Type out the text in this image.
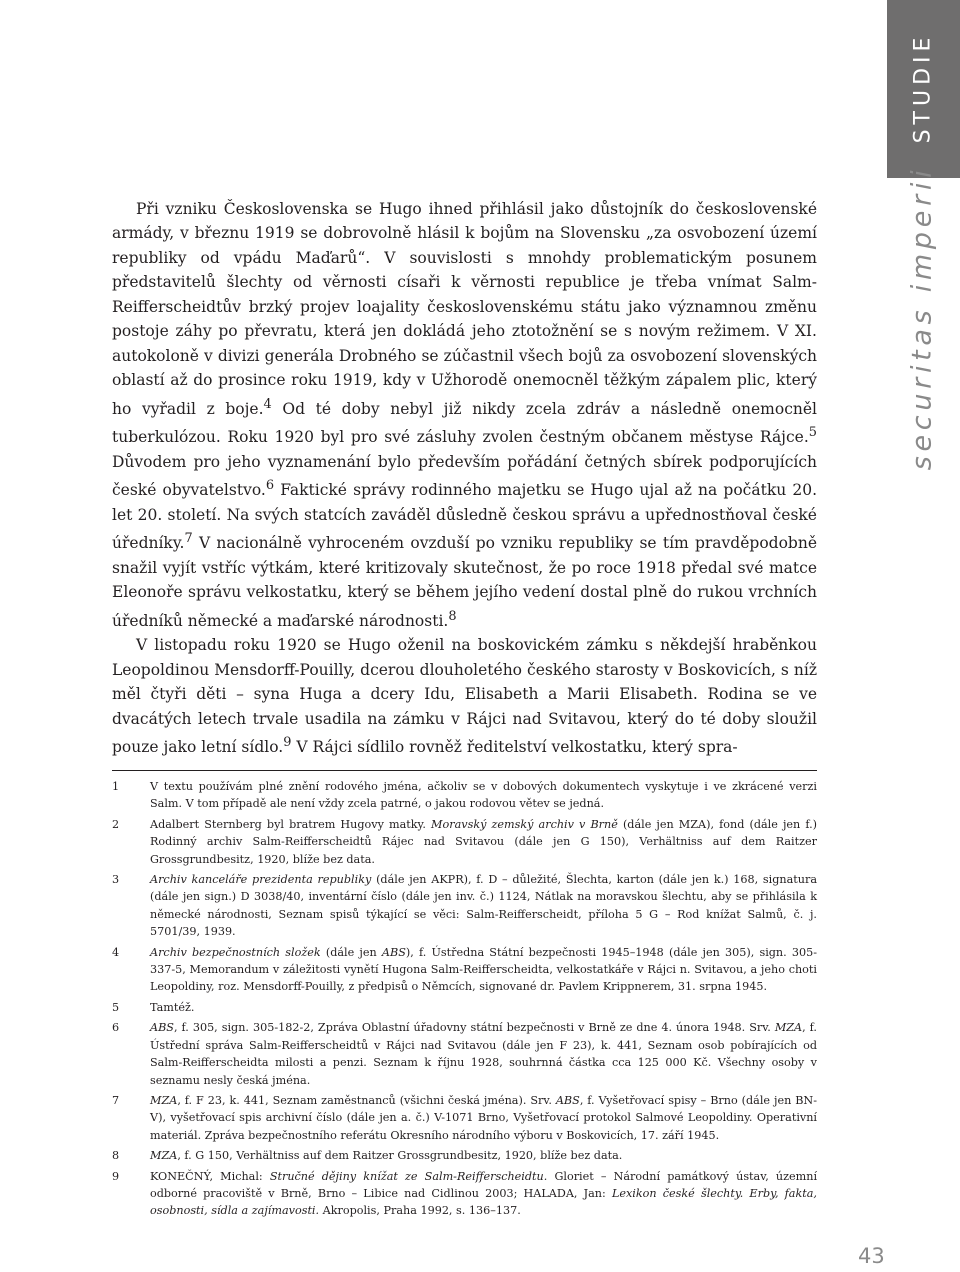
STUDIE
securitas imperii

Při vzniku Československa se Hugo ihned přihlásil jako důstojník do československé armády, v březnu 1919 se dobrovolně hlásil k bojům na Slovensku „za osvobození území republiky od vpádu Maďarů“. V souvislosti s mnohdy problematickým posunem představitelů šlechty od věrnosti císaři k věrnosti republice je třeba vnímat Salm-Reifferscheidtův brzký projev loajality československému státu jako významnou změnu postoje záhy po převratu, která jen dokládá jeho ztotožnění se s novým režimem. V XI. autokoloně v divizi generála Drobného se zúčastnil všech bojů za osvobození slovenských oblastí až do prosince roku 1919, kdy v Užhorodě onemocněl těžkým zápalem plic, který ho vyřadil z boje.$^4$ Od té doby nebyl již nikdy zcela zdráv a následně onemocněl tuberkulózou. Roku 1920 byl pro své zásluhy zvolen čestným občanem městyse Rájce.$^5$ Důvodem pro jeho vyznamenání bylo především pořádání četných sbírek podporujících české obyvatelstvo.$^6$ Faktické správy rodinného majetku se Hugo ujal až na počátku 20. let 20. století. Na svých statcích zaváděl důsledně českou správu a upřednostňoval české úředníky.$^7$ V nacionálně vyhroceném ovzduší po vzniku republiky se tím pravděpodobně snažil vyjít vstříc výtkám, které kritizovaly skutečnost, že po roce 1918 předal své matce Eleonoře správu velkostatku, který se během jejího vedení dostal plně do rukou vrchních úředníků německé a maďarské národnosti.$^8$

V listopadu roku 1920 se Hugo oženil na boskovickém zámku s někdejší hraběnkou Leopoldinou Mensdorff-Pouilly, dcerou dlouholetého českého starosty v Boskovicích, s níž měl čtyři děti – syna Huga a dcery Idu, Elisabeth a Marii Elisabeth. Rodina se ve dvacátých letech trvale usadila na zámku v Rájci nad Svitavou, který do té doby sloužil pouze jako letní sídlo.$^9$ V Rájci sídlilo rovněž ředitelství velkostatku, který spra-

1	V textu používám plné znění rodového jména, ačkoliv se v dobových dokumentech vyskytuje i ve zkrácené verzi Salm. V tom případě ale není vždy zcela patrné, o jakou rodovou větev se jedná.
2	Adalbert Sternberg byl bratrem Hugovy matky. Moravský zemský archiv v Brně (dále jen MZA), fond (dále jen f.) Rodinný archiv Salm-Reifferscheidtů Rájec nad Svitavou (dále jen G 150), Verhältniss auf dem Raitzer Grossgrundbesitz, 1920, blíže bez data.
3	Archiv kanceláře prezidenta republiky (dále jen AKPR), f. D – důležité, Šlechta, karton (dále jen k.) 168, signatura (dále jen sign.) D 3038/40, inventární číslo (dále jen inv. č.) 1124, Nátlak na moravskou šlechtu, aby se přihlásila k německé národnosti, Seznam spisů týkající se věci: Salm-Reifferscheidt, příloha 5 G – Rod knížat Salmů, č. j. 5701/39, 1939.
4	Archiv bezpečnostních složek (dále jen ABS), f. Ústředna Státní bezpečnosti 1945–1948 (dále jen 305), sign. 305-337-5, Memorandum v záležitosti vynětí Hugona Salm-Reifferscheidta, velkostatkáře v Rájci n. Svitavou, a jeho choti Leopoldiny, roz. Mensdorff-Pouilly, z předpisů o Němcích, signované dr. Pavlem Krippnerem, 31. srpna 1945.
5	Tamtéž.
6	ABS, f. 305, sign. 305-182-2, Zpráva Oblastní úřadovny státní bezpečnosti v Brně ze dne 4. února 1948. Srv. MZA, f. Ústřední správa Salm-Reifferscheidtů v Rájci nad Svitavou (dále jen F 23), k. 441, Seznam osob pobírajících od Salm-Reifferscheidta milosti a penzi. Seznam k říjnu 1928, souhrnná částka cca 125 000 Kč. Všechny osoby v seznamu nesly česká jména.
7	MZA, f. F 23, k. 441, Seznam zaměstnanců (všichni česká jména). Srv. ABS, f. Vyšetřovací spisy – Brno (dále jen BN-V), vyšetřovací spis archivní číslo (dále jen a. č.) V-1071 Brno, Vyšetřovací protokol Salmové Leopoldiny. Operativní materiál. Zpráva bezpečnostního referátu Okresního národního výboru v Boskovicích, 17. září 1945.
8	MZA, f. G 150, Verhältniss auf dem Raitzer Grossgrundbesitz, 1920, blíže bez data.
9	KONEČNÝ, Michal: Stručné dějiny knížat ze Salm-Reifferscheidtu. Gloriet – Národní památkový ústav, územní odborné pracoviště v Brně, Brno – Libice nad Cidlinou 2003; HALADA, Jan: Lexikon české šlechty. Erby, fakta, osobnosti, sídla a zajímavosti. Akropolis, Praha 1992, s. 136–137.
43
